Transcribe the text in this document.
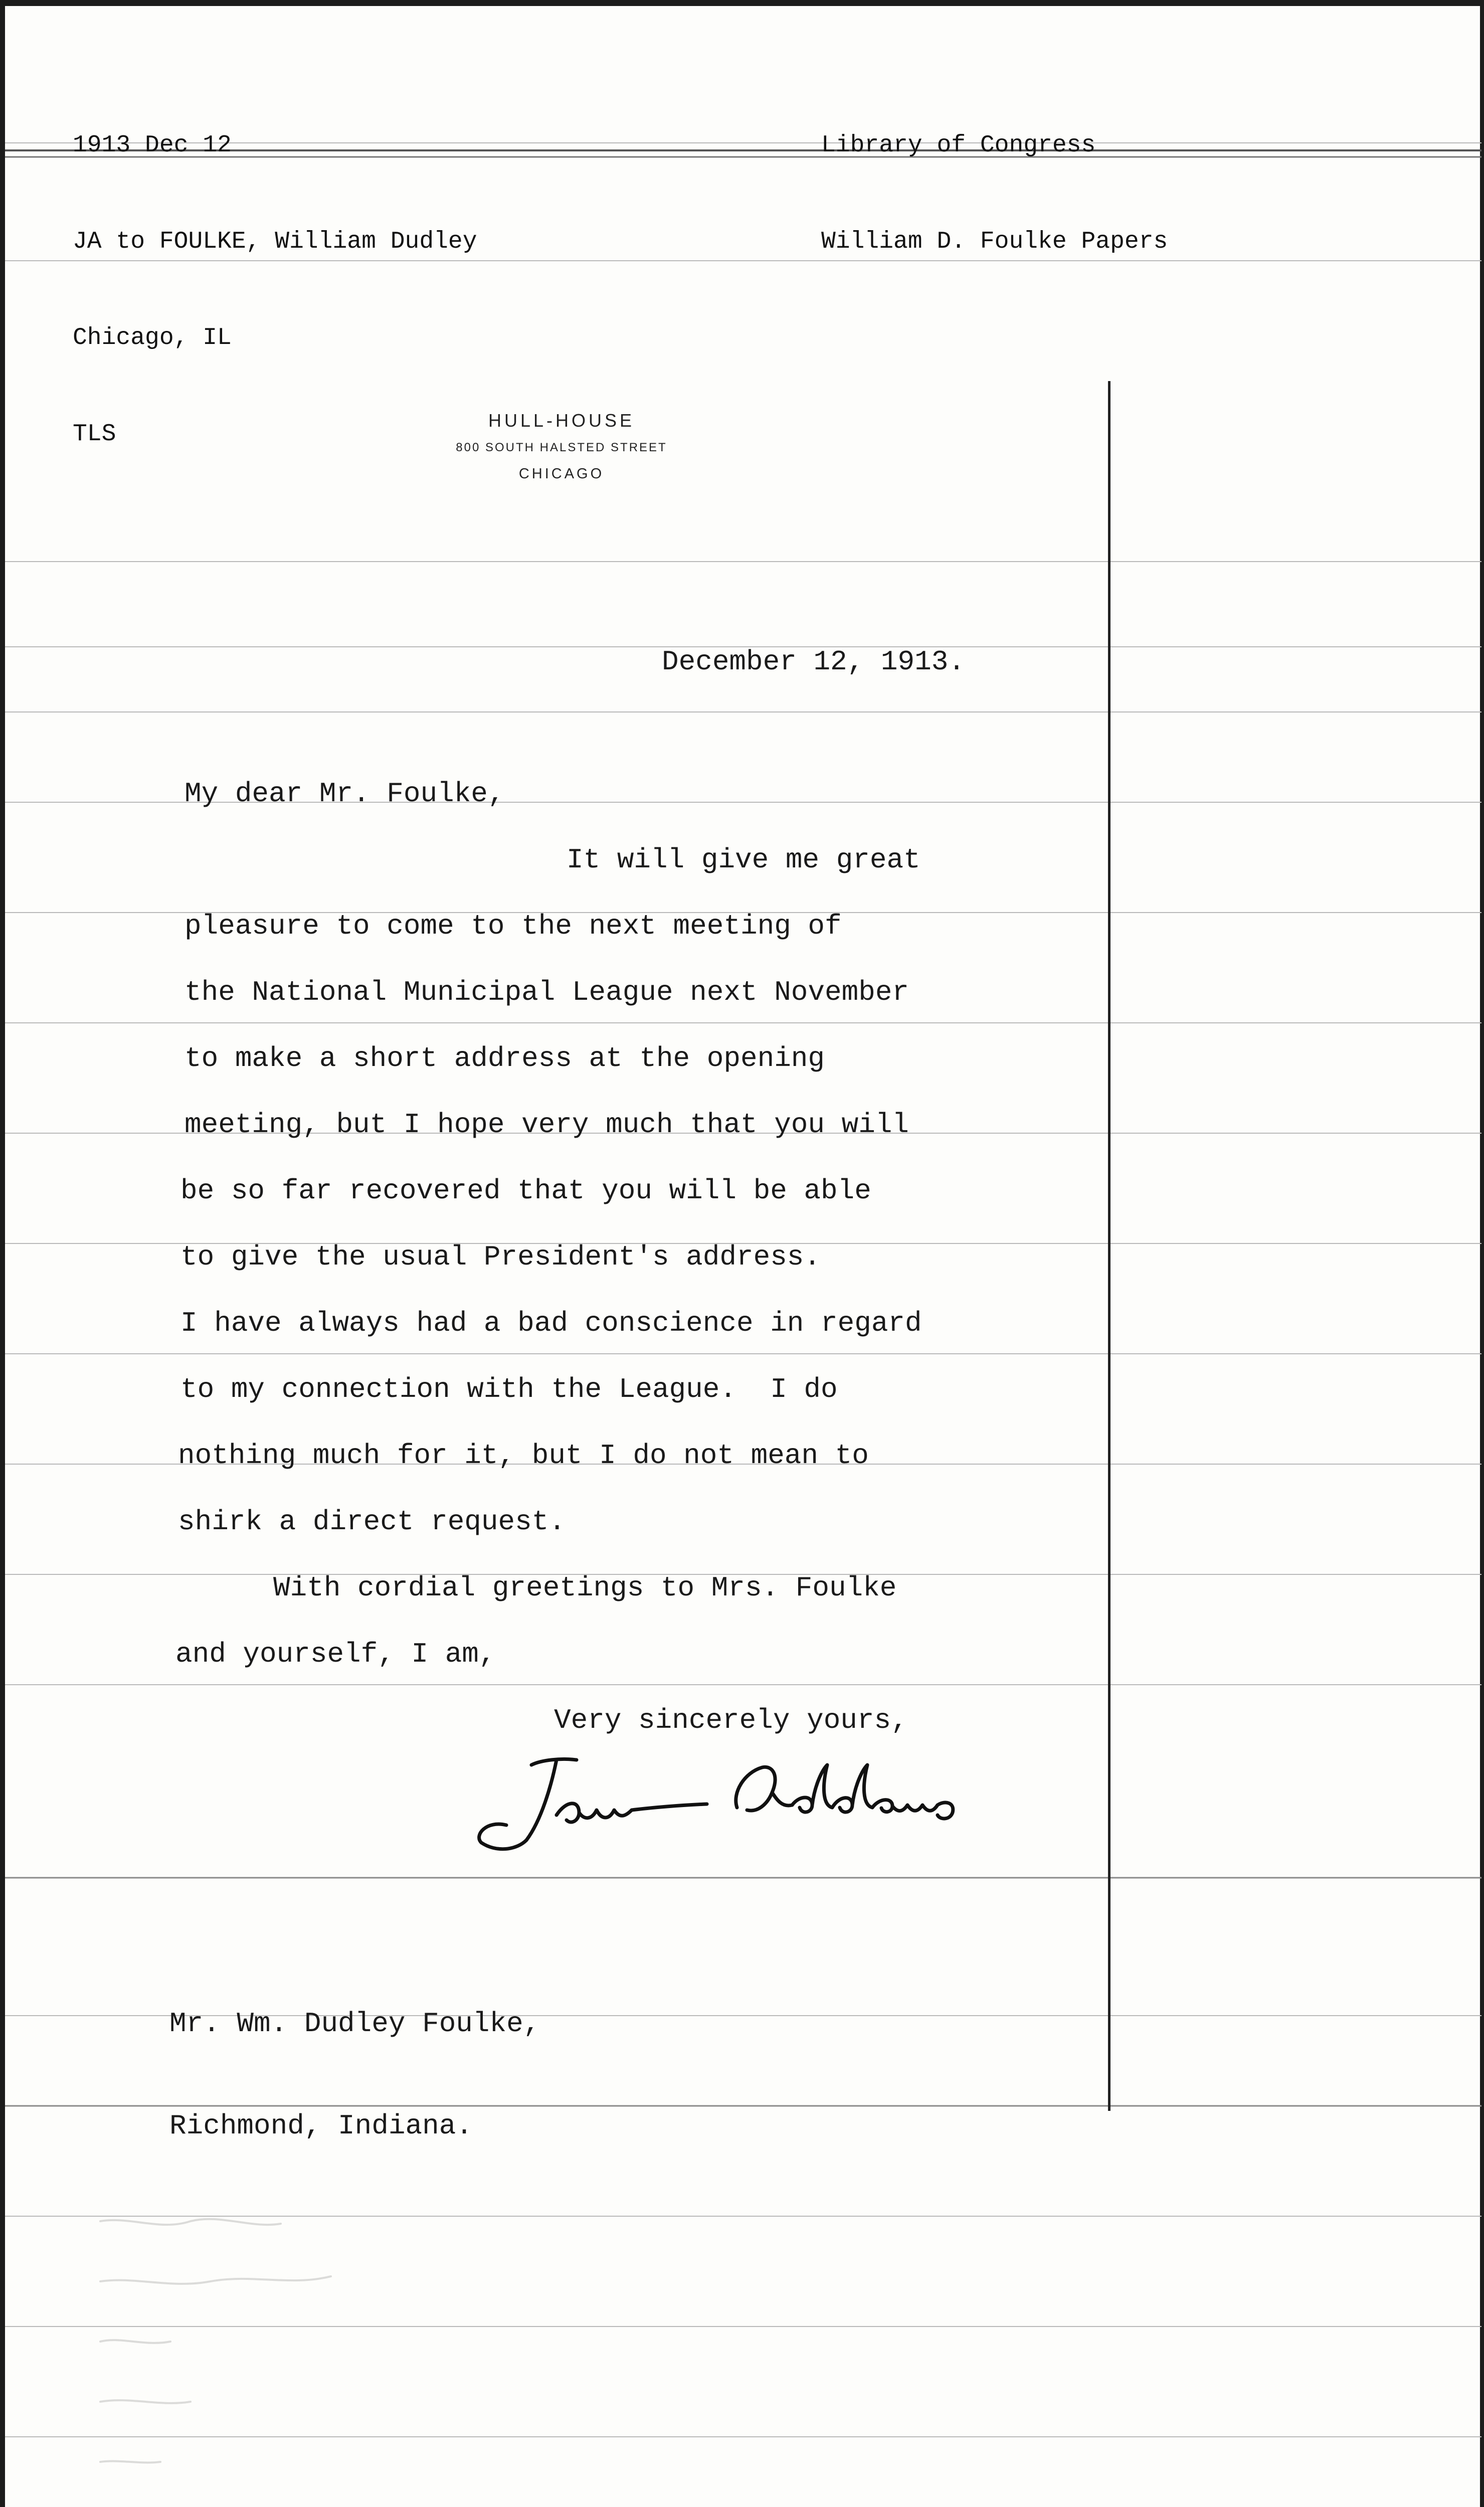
1913 Dec 12

JA to FOULKE, William Dudley

Chicago, IL

TLS

Library of Congress

William D. Foulke Papers

HULL-HOUSE
800 SOUTH HALSTED STREET
CHICAGO
December 12, 1913.
My dear Mr. Foulke,
It will give me great
pleasure to come to the next meeting of
the National Municipal League next November
to make a short address at the opening
meeting, but I hope very much that you will
be so far recovered that you will be able
to give the usual President's address.
I have always had a bad conscience in regard
to my connection with the League.  I do
nothing much for it, but I do not mean to
shirk a direct request.
With cordial greetings to Mrs. Foulke
and yourself, I am,
Very sincerely yours,

Mr. Wm. Dudley Foulke,

Richmond, Indiana.
